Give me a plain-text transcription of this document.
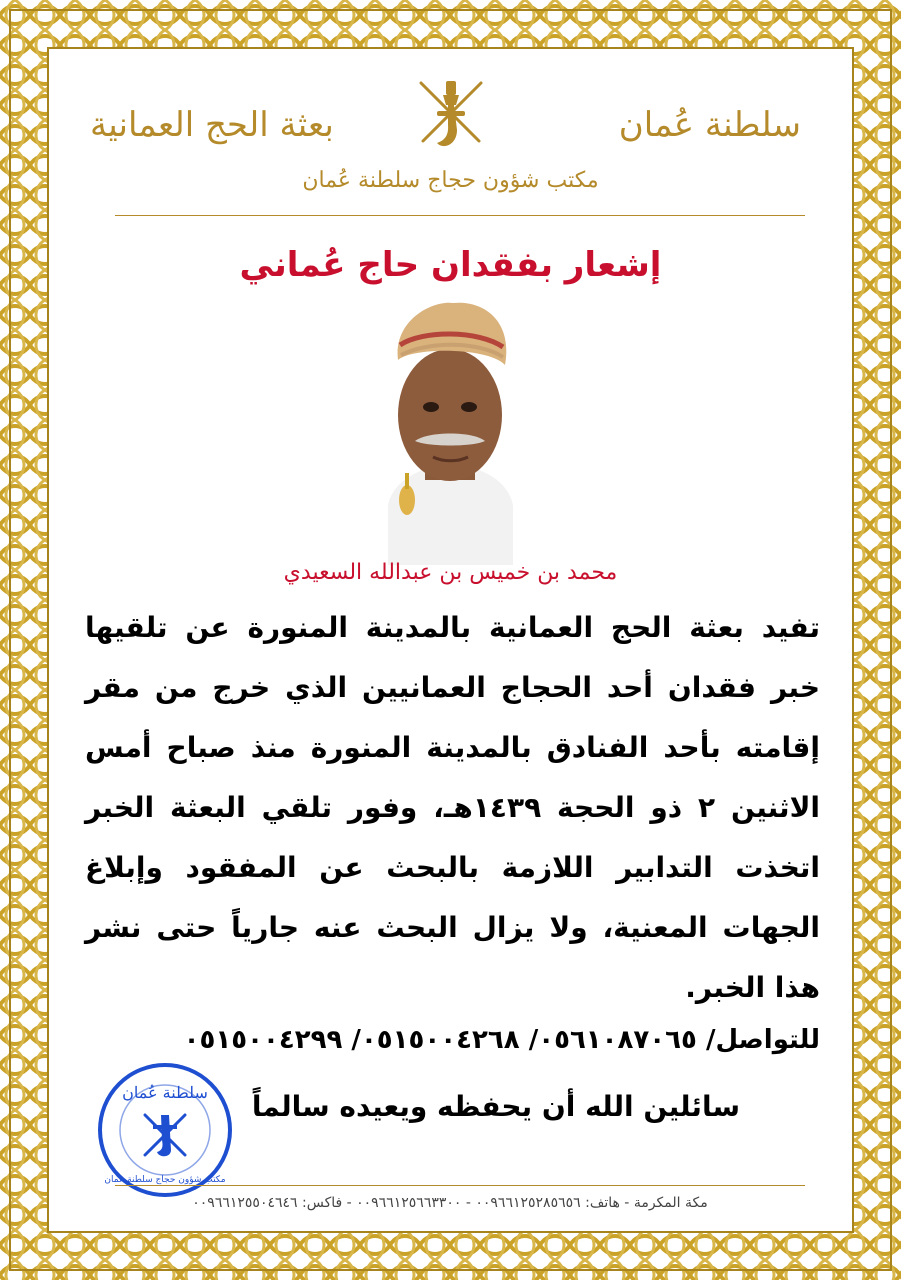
سلطنة عُمان
بعثة الحج العمانية
مكتب شؤون حجاج سلطنة عُمان
إشعار بفقدان حاج عُماني
محمد بن خميس بن عبدالله السعيدي
تفيد بعثة الحج العمانية بالمدينة المنورة عن تلقيها خبر فقدان أحد الحجاج العمانيين الذي خرج من مقر إقامته بأحد الفنادق بالمدينة المنورة منذ صباح أمس الاثنين ٢ ذو الحجة ١٤٣٩هـ، وفور تلقي البعثة الخبر اتخذت التدابير اللازمة بالبحث عن المفقود وإبلاغ الجهات المعنية، ولا يزال البحث عنه جارياً حتى نشر هذا الخبر.
للتواصل/ ٠٥٦١٠٨٧٠٦٥/ ٠٥١٥٠٠٤٢٦٨/ ٠٥١٥٠٠٤٢٩٩
سائلين الله أن يحفظه ويعيده سالماً
سلطنة عُمان
مكتب شؤون حجاج سلطنة عمان
مكة المكرمة - هاتف: ٠٠٩٦٦١٢٥٢٨٥٦٥٦ - ٠٠٩٦٦١٢٥٦٦٣٣٠٠ - فاكس: ٠٠٩٦٦١٢٥٥٠٤٦٤٦
